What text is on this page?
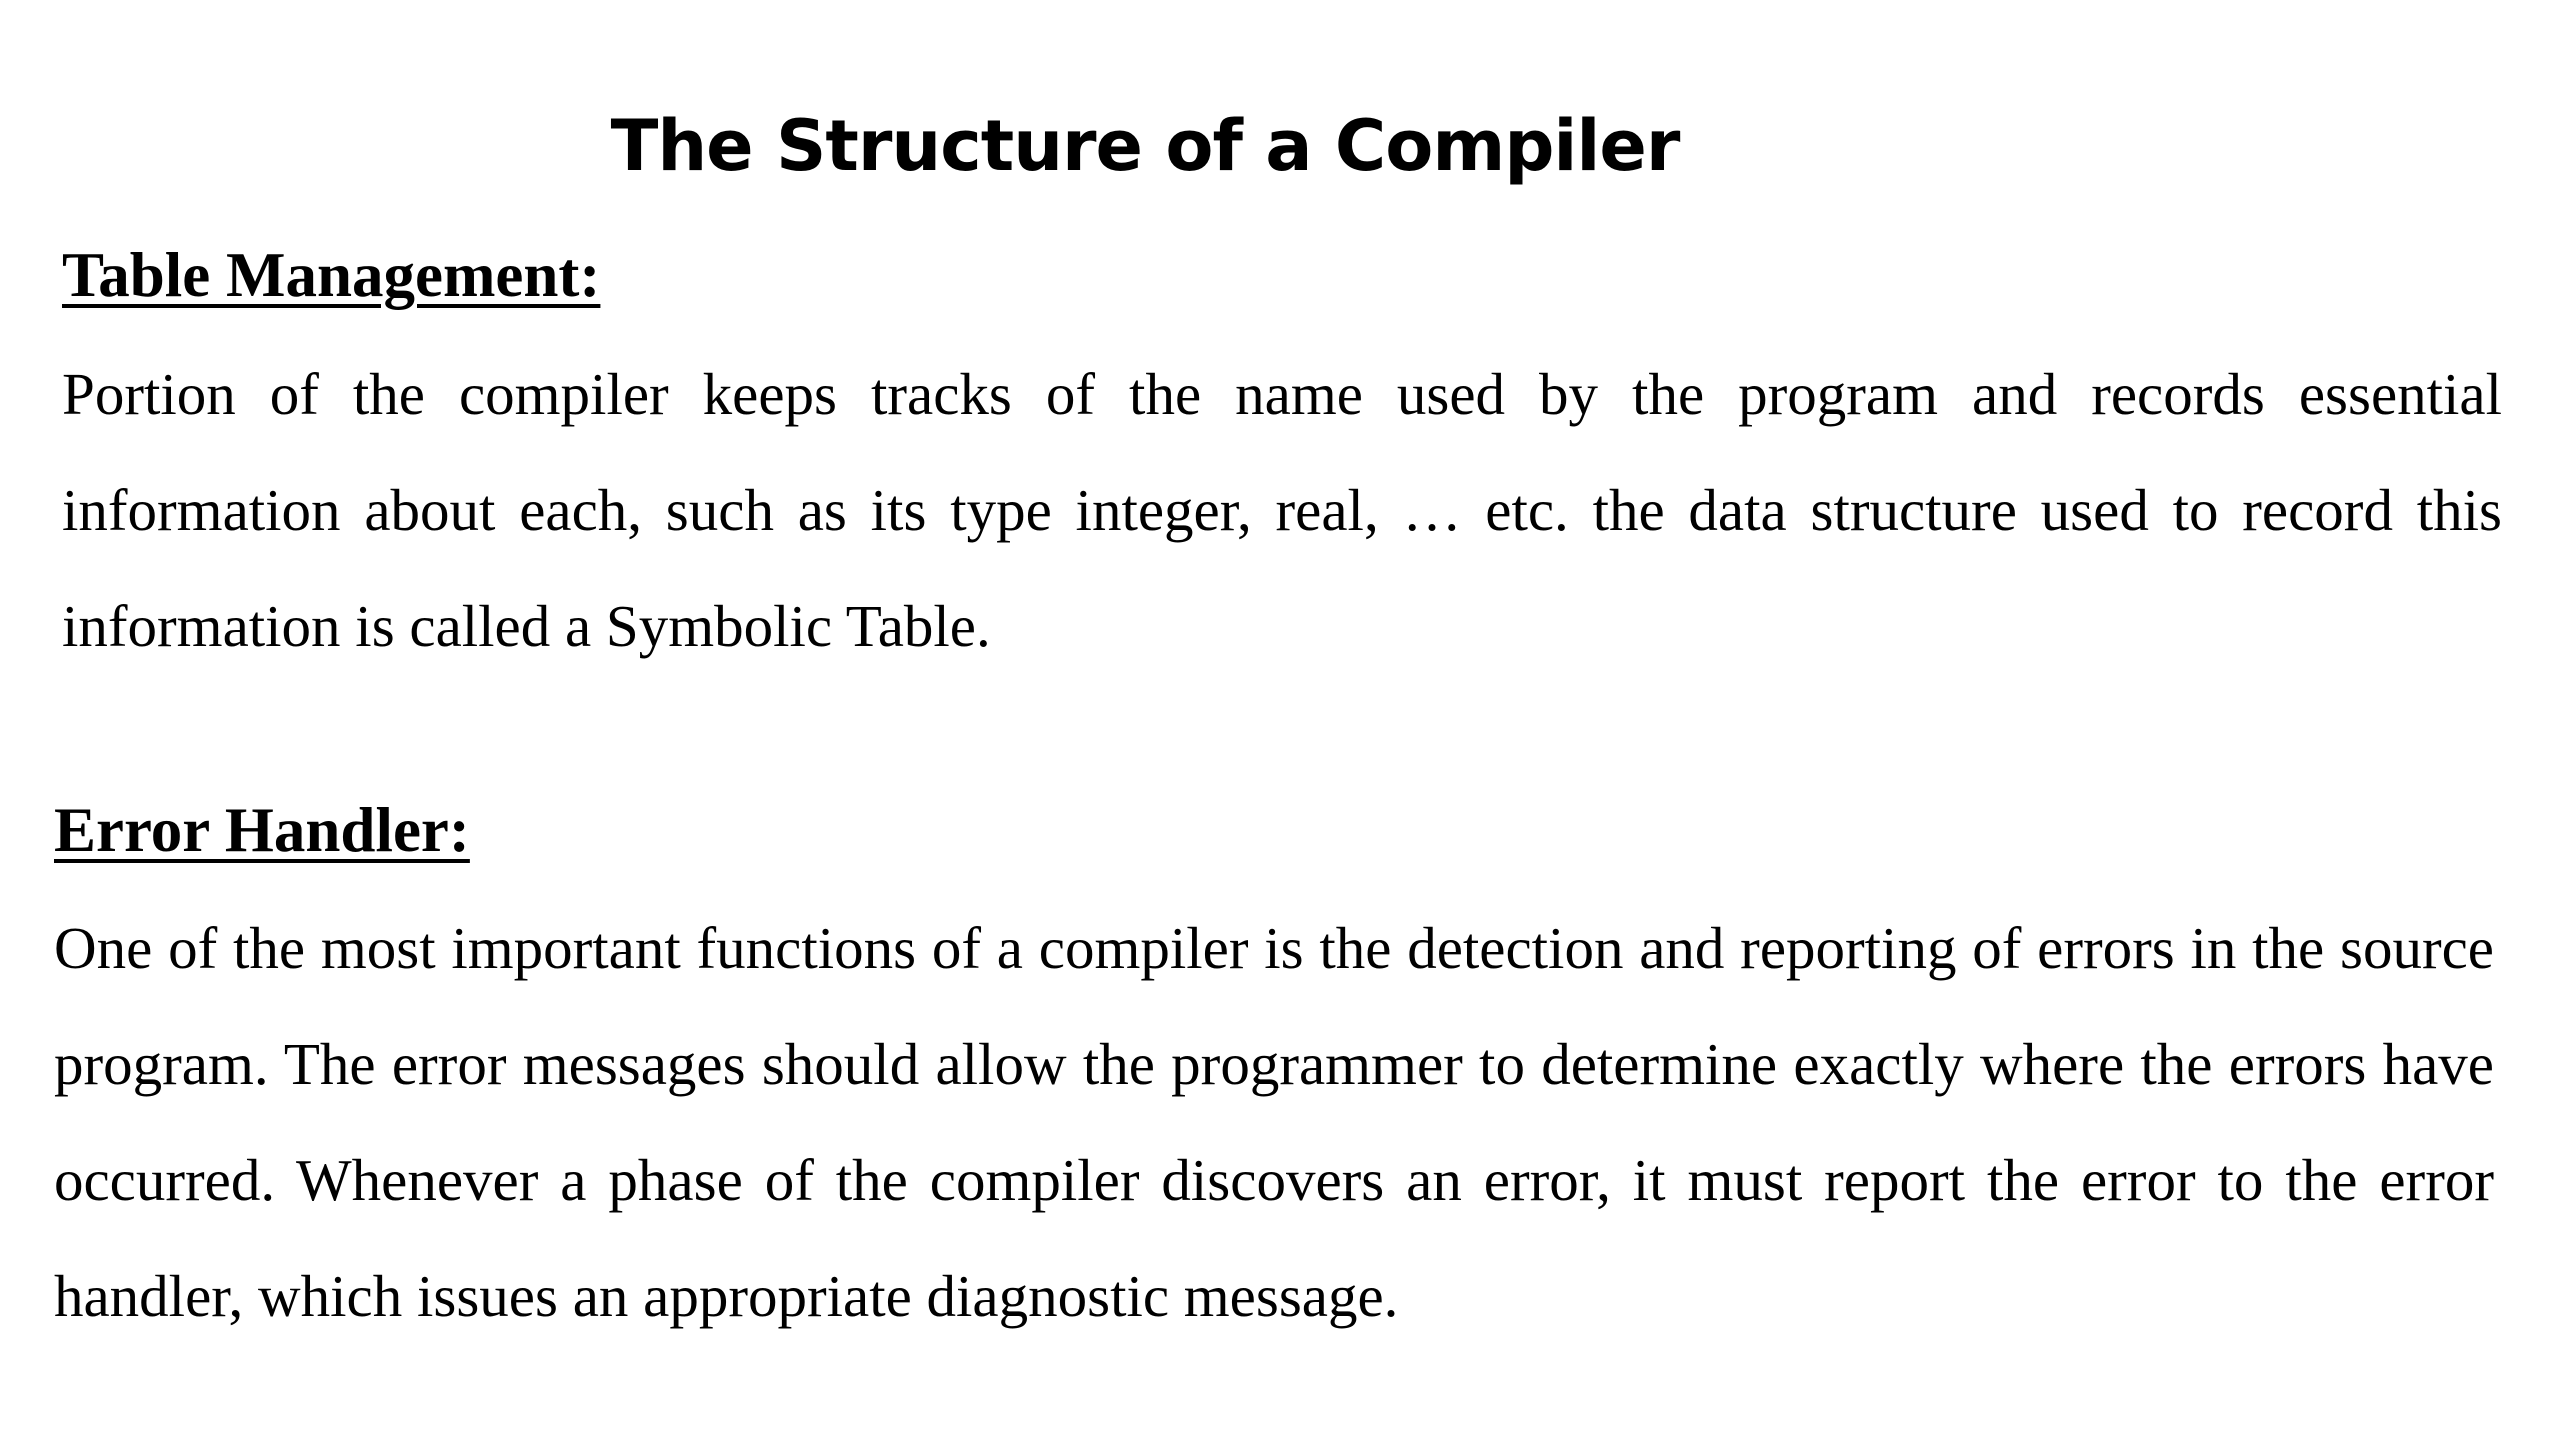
The Structure of a Compiler
Table Management:

Portion of the compiler keeps tracks of the name used by the program and records essential information about each, such as its type integer, real, … etc. the data structure used to record this information is called a Symbolic Table.

Error Handler:

One of the most important functions of a compiler is the detection and reporting of errors in the source program. The error messages should allow the programmer to determine exactly where the errors have occurred. Whenever a phase of the compiler discovers an error, it must report the error to the error handler, which issues an appropriate diagnostic message.
